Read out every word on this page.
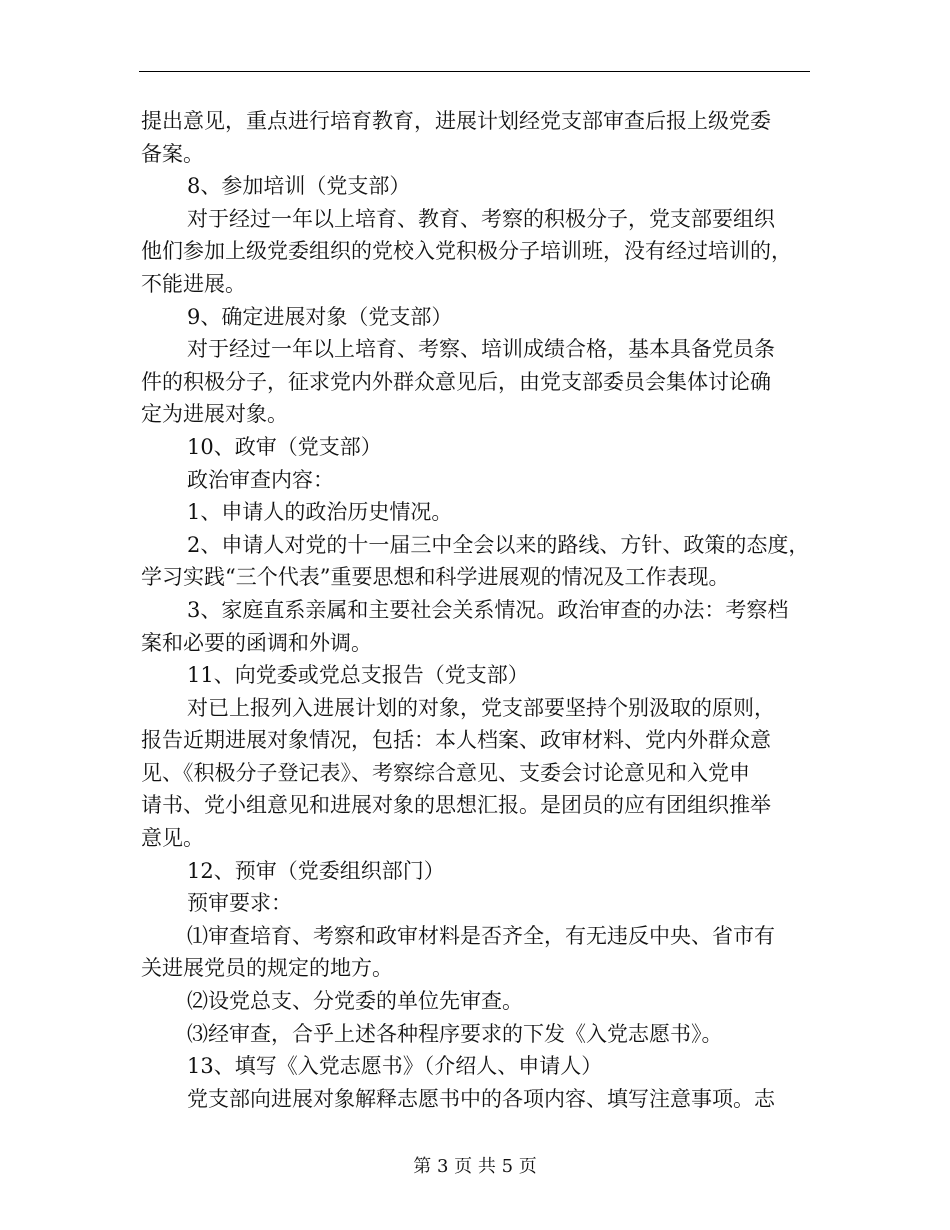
提出意见，重点进行培育教育，进展计划经党支部审查后报上级党委

备案。

8、参加培训（党支部）

对于经过一年以上培育、教育、考察的积极分子，党支部要组织

他们参加上级党委组织的党校入党积极分子培训班，没有经过培训的，

不能进展。

9、确定进展对象（党支部）

对于经过一年以上培育、考察、培训成绩合格，基本具备党员条

件的积极分子，征求党内外群众意见后，由党支部委员会集体讨论确

定为进展对象。

10、政审（党支部）

政治审查内容：

1、申请人的政治历史情况。

2、申请人对党的十一届三中全会以来的路线、方针、政策的态度，

学习实践“三个代表”重要思想和科学进展观的情况及工作表现。

3、家庭直系亲属和主要社会关系情况。政治审查的办法：考察档

案和必要的函调和外调。

11、向党委或党总支报告（党支部）

对已上报列入进展计划的对象，党支部要坚持个别汲取的原则，

报告近期进展对象情况，包括：本人档案、政审材料、党内外群众意

见、《积极分子登记表》、考察综合意见、支委会讨论意见和入党申

请书、党小组意见和进展对象的思想汇报。是团员的应有团组织推举

意见。

12、预审（党委组织部门）

预审要求：

⑴审查培育、考察和政审材料是否齐全，有无违反中央、省市有

关进展党员的规定的地方。

⑵设党总支、分党委的单位先审查。

⑶经审查，合乎上述各种程序要求的下发《入党志愿书》。

13、填写《入党志愿书》（介绍人、申请人）

党支部向进展对象解释志愿书中的各项内容、填写注意事项。志

第 3 页 共 5 页
